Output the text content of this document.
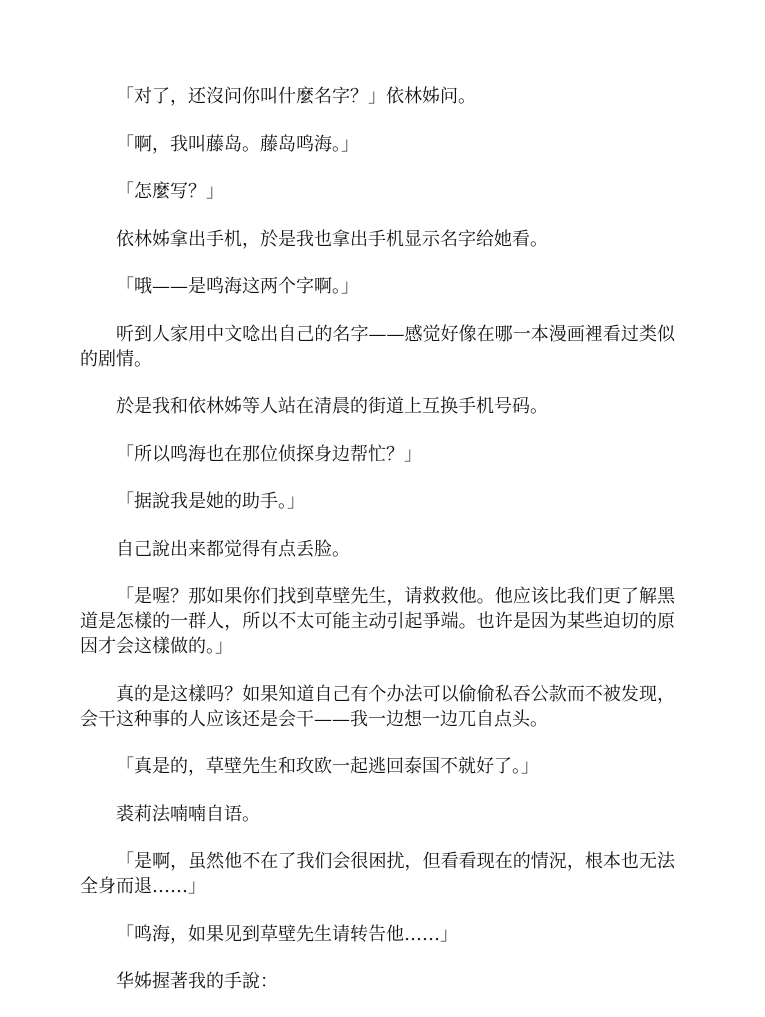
「对了，还沒问你叫什麼名字？」依林姊问。

「啊，我叫藤岛。藤岛鸣海。」

「怎麼写？」

依林姊拿出手机，於是我也拿出手机显示名字给她看。

「哦——是鸣海这两个字啊。」

听到人家用中文唸出自己的名字——感觉好像在哪一本漫画裡看过类似的剧情。

於是我和依林姊等人站在清晨的街道上互换手机号码。

「所以鸣海也在那位侦探身边帮忙？」

「据說我是她的助手。」

自己說出来都觉得有点丢脸。

「是喔？那如果你们找到草壁先生，请救救他。他应该比我们更了解黑道是怎樣的一群人，所以不太可能主动引起爭端。也许是因为某些迫切的原因才会这樣做的。」

真的是这樣吗？如果知道自己有个办法可以偷偷私吞公款而不被发现，会干这种事的人应该还是会干——我一边想一边兀自点头。

「真是的，草壁先生和玫欧一起逃回泰国不就好了。」

裘莉法喃喃自语。

「是啊，虽然他不在了我们会很困扰，但看看现在的情況，根本也无法全身而退……」

「鸣海，如果见到草壁先生请转告他……」

华姊握著我的手說：
